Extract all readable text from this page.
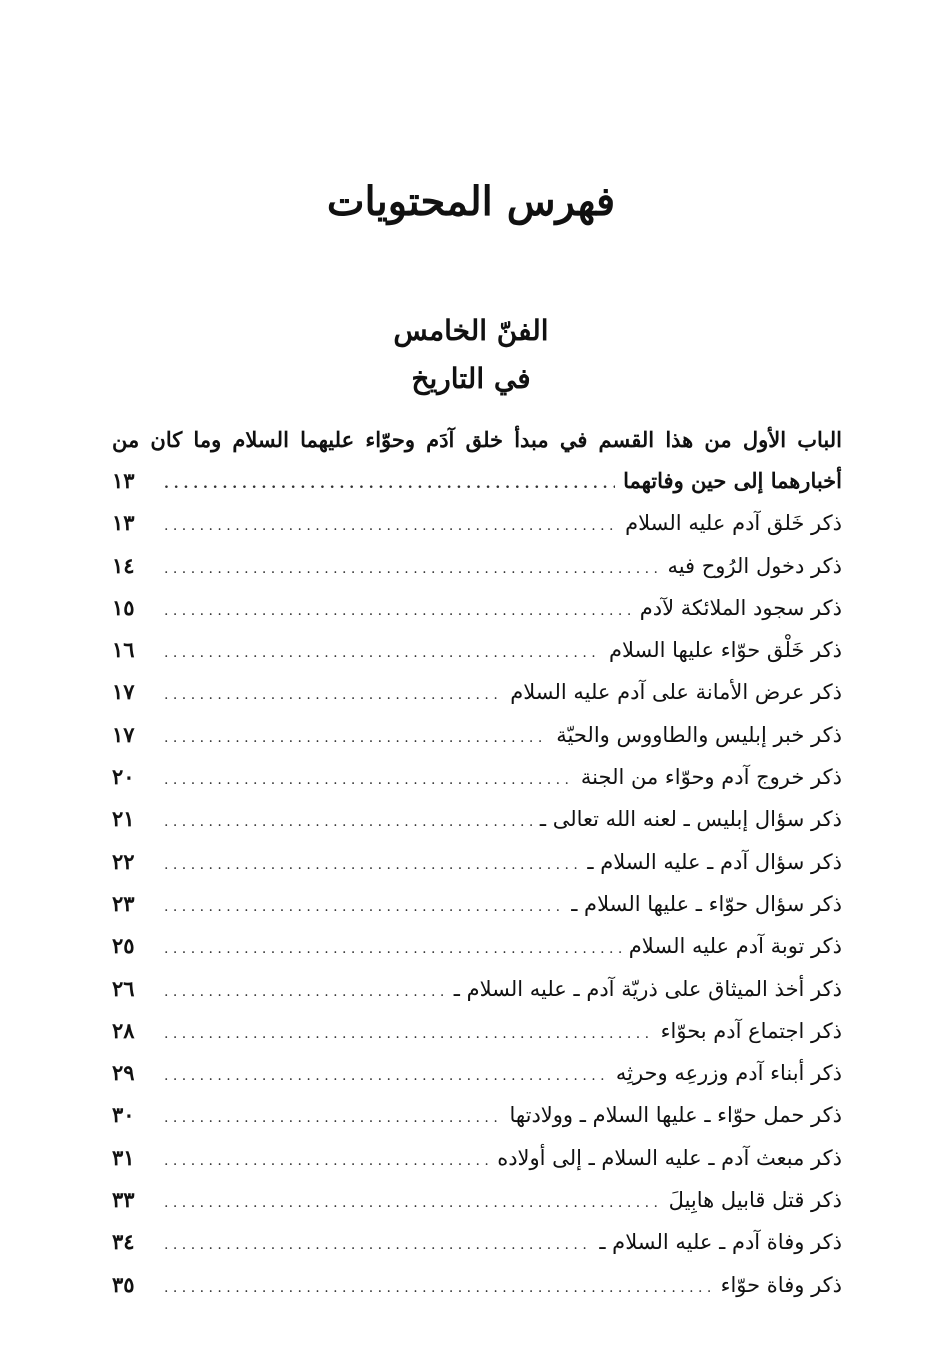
فهرس المحتويات
الفنّ الخامس
في التاريخ
الباب الأول من هذا القسم في مبدأ خلق آدَم وحوّاء عليهما السلام وما كان من
أخبارهما إلى حين وفاتهما
. . .
١٣
ذكر خَلق آدم عليه السلام
. . .
١٣
ذكر دخول الرُوح فيه
. . .
١٤
ذكر سجود الملائكة لآدم
. . .
١٥
ذكر خَلْق حوّاء عليها السلام
. . .
١٦
ذكر عرض الأمانة على آدم عليه السلام
. . .
١٧
ذكر خبر إبليس والطاووس والحيّة
. . .
١٧
ذكر خروج آدم وحوّاء من الجنة
. . .
٢٠
ذكر سؤال إبليس ـ لعنه الله تعالى ـ
. . .
٢١
ذكر سؤال آدم ـ عليه السلام ـ
. . .
٢٢
ذكر سؤال حوّاء ـ عليها السلام ـ
. . .
٢٣
ذكر توبة آدم عليه السلام
. . .
٢٥
ذكر أخذ الميثاق على ذريّة آدم ـ عليه السلام ـ
. . .
٢٦
ذكر اجتماع آدم بحوّاء
. . .
٢٨
ذكر أبناء آدم وزرعِه وحرثِه
. . .
٢٩
ذكر حمل حوّاء ـ عليها السلام ـ وولادتها
. . .
٣٠
ذكر مبعث آدم ـ عليه السلام ـ إلى أولاده
. . .
٣١
ذكر قتل قابيل هابِيلَ
. . .
٣٣
ذكر وفاة آدم ـ عليه السلام ـ
. . .
٣٤
ذكر وفاة حوّاء
. . .
٣٥
